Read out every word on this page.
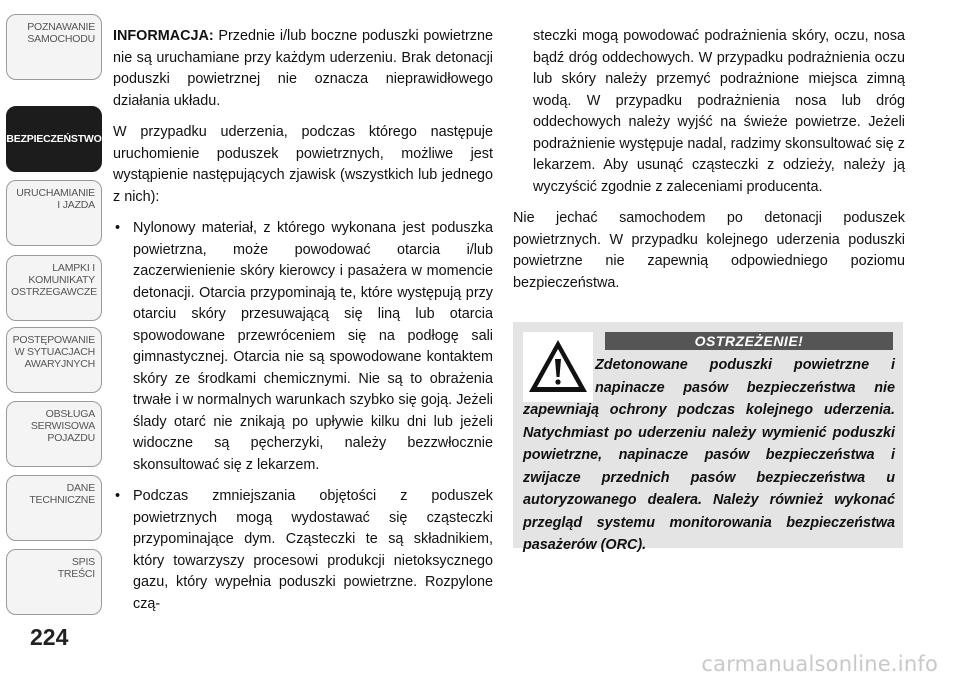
POZNAWANIE
SAMOCHODU
BEZPIECZEŃSTWO
URUCHAMIANIE
I JAZDA
LAMPKI I
KOMUNIKATY
OSTRZEGAWCZE
POSTĘPOWANIE
W SYTUACJACH
AWARYJNYCH
OBSŁUGA
SERWISOWA
POJAZDU
DANE
TECHNICZNE
SPIS
TREŚCI
224

INFORMACJA: Przednie i/lub boczne poduszki powietrzne nie są uruchamiane przy każdym uderzeniu. Brak detonacji poduszki powietrznej nie oznacza nieprawidłowego działania układu.

W przypadku uderzenia, podczas którego następuje uruchomienie poduszek powietrznych, możliwe jest wystąpienie następujących zjawisk (wszystkich lub jednego z nich):

• Nylonowy materiał, z którego wykonana jest poduszka powietrzna, może powodować otarcia i/lub zaczerwienienie skóry kierowcy i pasażera w momencie detonacji. Otarcia przypominają te, które występują przy otarciu skóry przesuwającą się liną lub otarcia spowodowane przewróceniem się na podłogę sali gimnastycznej. Otarcia nie są spowodowane kontaktem skóry ze środkami chemicznymi. Nie są to obrażenia trwałe i w normalnych warunkach szybko się goją. Jeżeli ślady otarć nie znikają po upływie kilku dni lub jeżeli widoczne są pęcherzyki, należy bezzwłocznie skonsultować się z lekarzem.
• Podczas zmniejszania objętości z poduszek powietrznych mogą wydostawać się cząsteczki przypominające dym. Cząsteczki te są składnikiem, który towarzyszy procesowi produkcji nietoksycznego gazu, który wypełnia poduszki powietrzne. Rozpylone czą-

steczki mogą powodować podrażnienia skóry, oczu, nosa bądź dróg oddechowych. W przypadku podrażnienia oczu lub skóry należy przemyć podrażnione miejsca zimną wodą. W przypadku podrażnienia nosa lub dróg oddechowych należy wyjść na świeże powietrze. Jeżeli podrażnienie występuje nadal, radzimy skonsultować się z lekarzem. Aby usunąć cząsteczki z odzieży, należy ją wyczyścić zgodnie z zaleceniami producenta.

Nie jechać samochodem po detonacji poduszek powietrznych. W przypadku kolejnego uderzenia poduszki powietrzne nie zapewnią odpowiedniego poziomu bezpieczeństwa.

OSTRZEŻENIE!
Zdetonowane poduszki powietrzne i napinacze pasów bezpieczeństwa nie zapewniają ochrony podczas kolejnego uderzenia. Natychmiast po uderzeniu należy wymienić poduszki powietrzne, napinacze pasów bezpieczeństwa i zwijacze przednich pasów bezpieczeństwa u autoryzowanego dealera. Należy również wykonać przegląd systemu monitorowania bezpieczeństwa pasażerów (ORC).
carmanualsonline.info
